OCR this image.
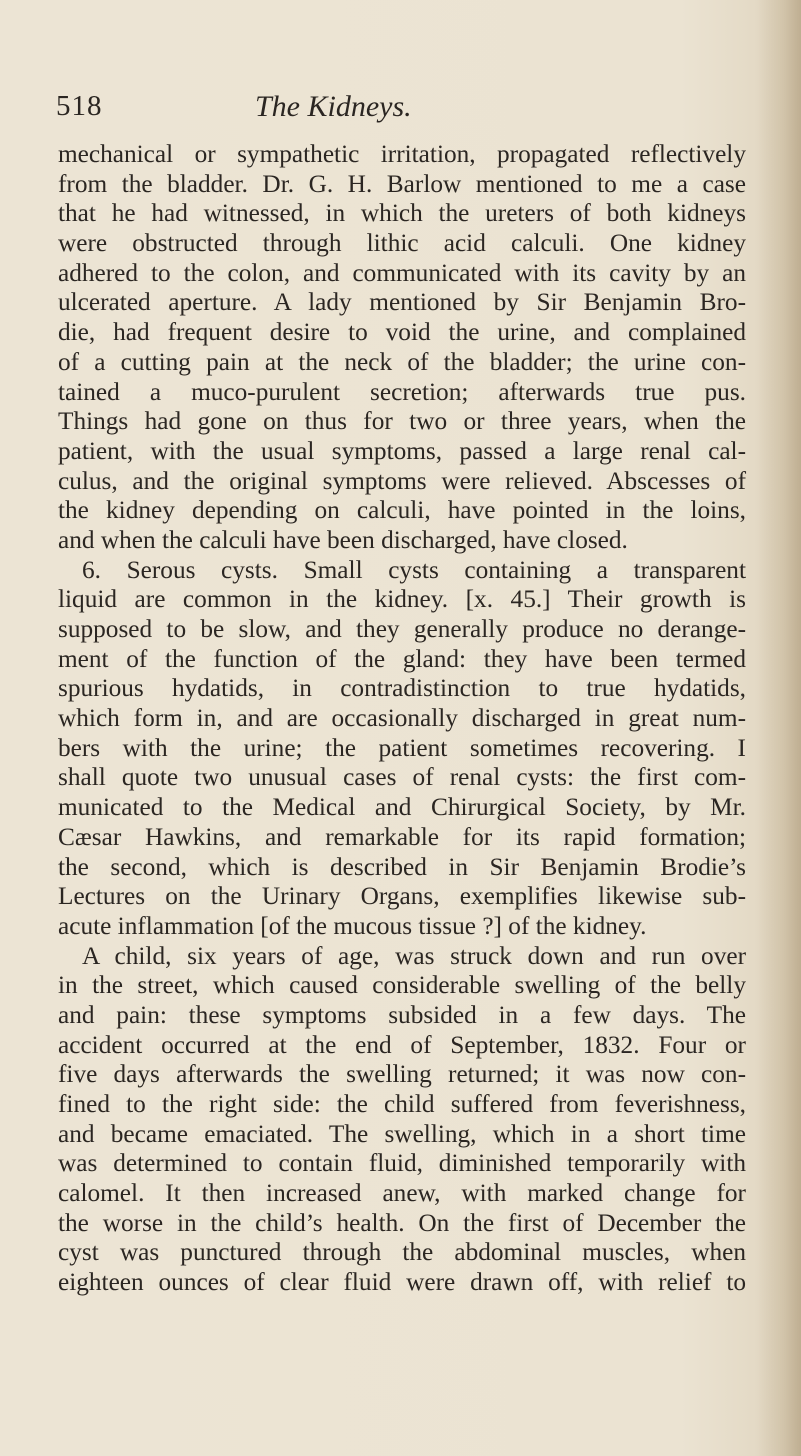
518	The Kidneys.
mechanical or sympathetic irritation, propagated reflectively
from the bladder. Dr. G. H. Barlow mentioned to me a case
that he had witnessed, in which the ureters of both kidneys
were obstructed through lithic acid calculi. One kidney
adhered to the colon, and communicated with its cavity by an
ulcerated aperture. A lady mentioned by Sir Benjamin Bro-
die, had frequent desire to void the urine, and complained
of a cutting pain at the neck of the bladder; the urine con-
tained a muco-purulent secretion; afterwards true pus.
Things had gone on thus for two or three years, when the
patient, with the usual symptoms, passed a large renal cal-
culus, and the original symptoms were relieved. Abscesses of
the kidney depending on calculi, have pointed in the loins,
and when the calculi have been discharged, have closed.
6. Serous cysts. Small cysts containing a transparent
liquid are common in the kidney. [x. 45.] Their growth is
supposed to be slow, and they generally produce no derange-
ment of the function of the gland: they have been termed
spurious hydatids, in contradistinction to true hydatids,
which form in, and are occasionally discharged in great num-
bers with the urine; the patient sometimes recovering. I
shall quote two unusual cases of renal cysts: the first com-
municated to the Medical and Chirurgical Society, by Mr.
Cæsar Hawkins, and remarkable for its rapid formation;
the second, which is described in Sir Benjamin Brodie’s
Lectures on the Urinary Organs, exemplifies likewise sub-
acute inflammation [of the mucous tissue ?] of the kidney.
A child, six years of age, was struck down and run over
in the street, which caused considerable swelling of the belly
and pain: these symptoms subsided in a few days. The
accident occurred at the end of September, 1832. Four or
five days afterwards the swelling returned; it was now con-
fined to the right side: the child suffered from feverishness,
and became emaciated. The swelling, which in a short time
was determined to contain fluid, diminished temporarily with
calomel. It then increased anew, with marked change for
the worse in the child’s health. On the first of December the
cyst was punctured through the abdominal muscles, when
eighteen ounces of clear fluid were drawn off, with relief to
